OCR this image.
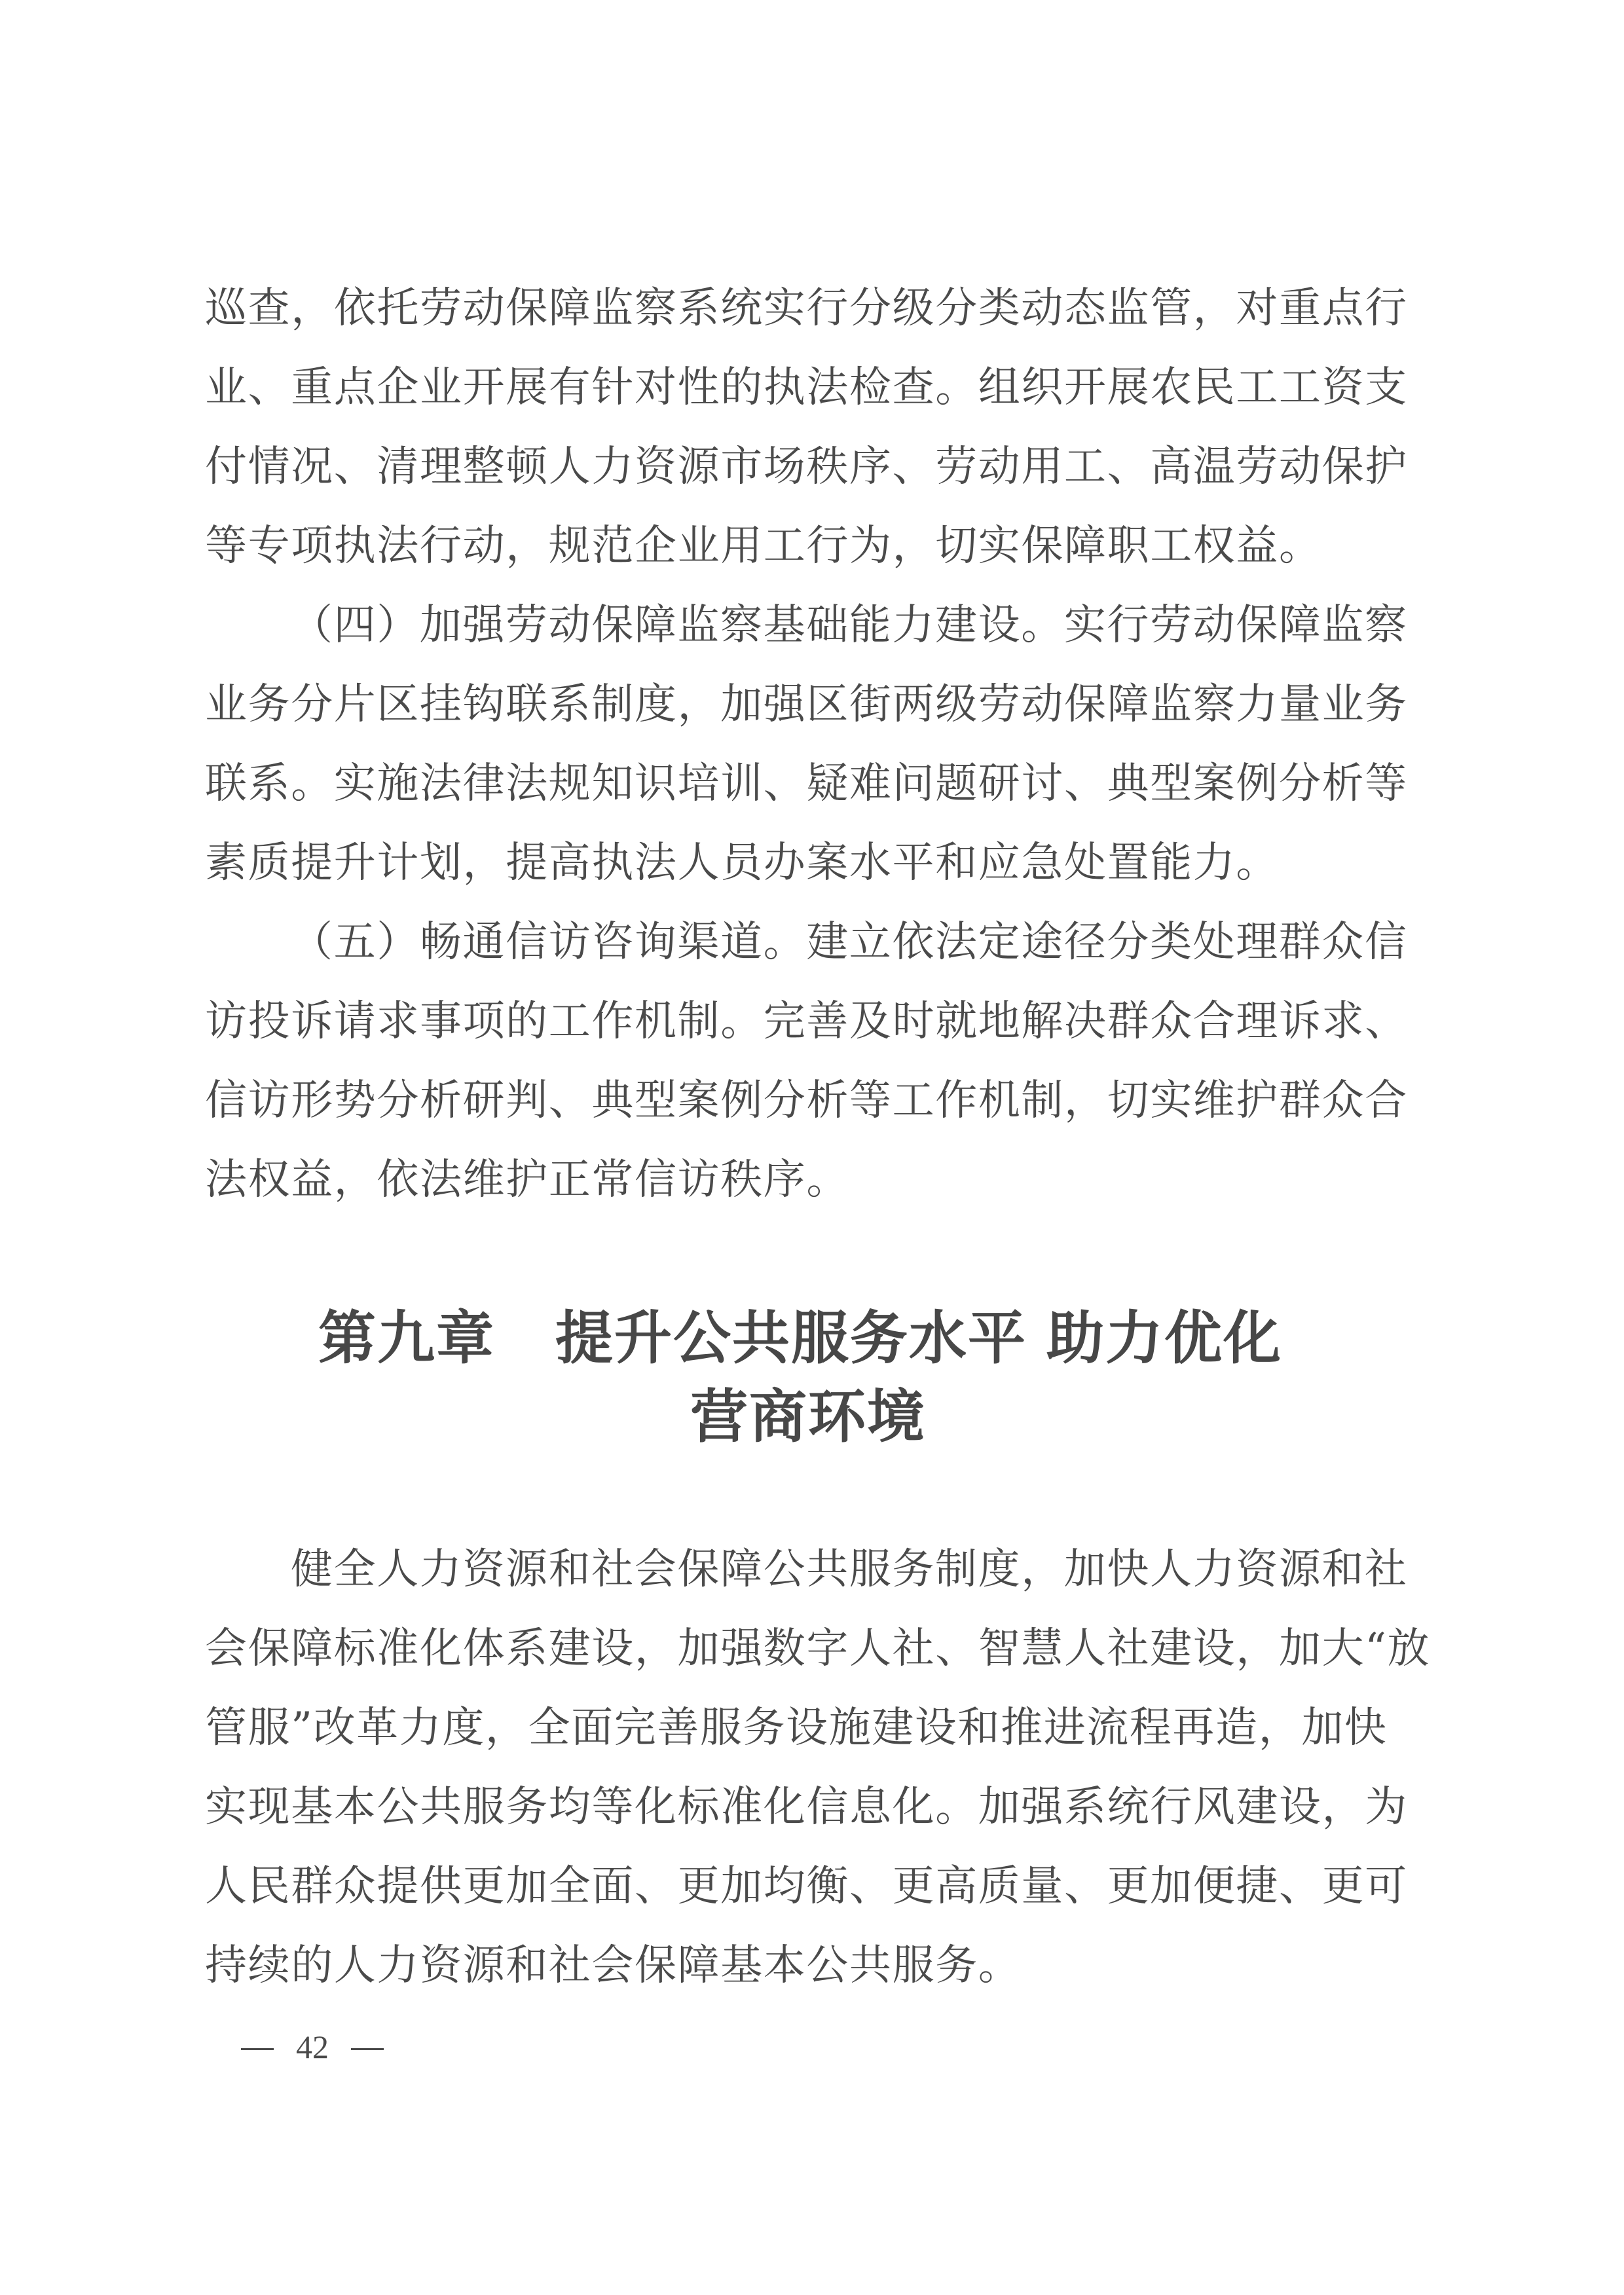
巡查，依托劳动保障监察系统实行分级分类动态监管，对重点行
业、重点企业开展有针对性的执法检查。组织开展农民工工资支
付情况、清理整顿人力资源市场秩序、劳动用工、高温劳动保护
等专项执法行动，规范企业用工行为，切实保障职工权益。
（四）加强劳动保障监察基础能力建设。实行劳动保障监察
业务分片区挂钩联系制度，加强区街两级劳动保障监察力量业务
联系。实施法律法规知识培训、疑难问题研讨、典型案例分析等
素质提升计划，提高执法人员办案水平和应急处置能力。
（五）畅通信访咨询渠道。建立依法定途径分类处理群众信
访投诉请求事项的工作机制。完善及时就地解决群众合理诉求、
信访形势分析研判、典型案例分析等工作机制，切实维护群众合
法权益，依法维护正常信访秩序。
第九章 提升公共服务水平 助力优化
营商环境
健全人力资源和社会保障公共服务制度，加快人力资源和社
会保障标准化体系建设，加强数字人社、智慧人社建设，加大“放
管服”改革力度，全面完善服务设施建设和推进流程再造，加快
实现基本公共服务均等化标准化信息化。加强系统行风建设，为
人民群众提供更加全面、更加均衡、更高质量、更加便捷、更可
持续的人力资源和社会保障基本公共服务。
42
